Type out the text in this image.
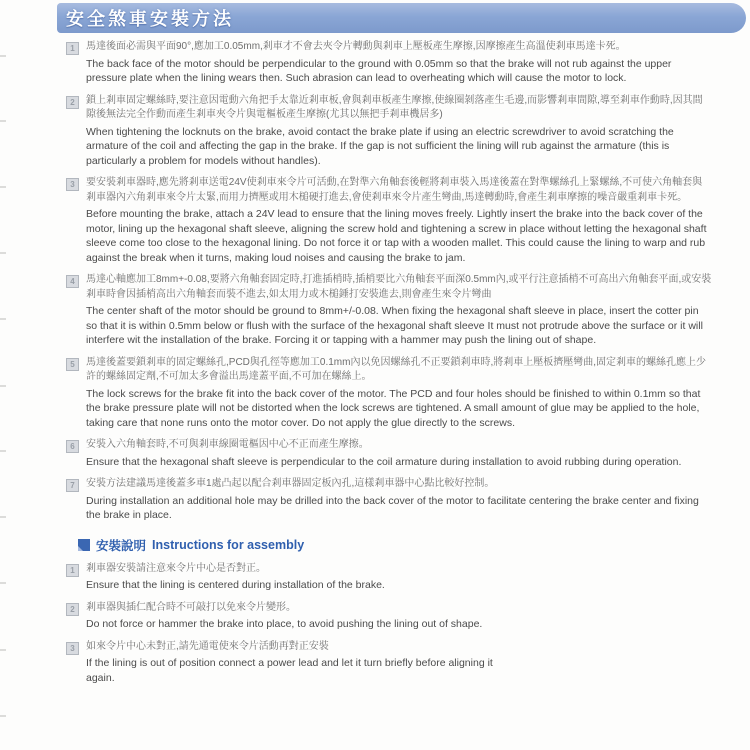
安全煞車安裝方法
1	馬達後面必需與平面90°,應加工0.05mm,剎車才不會去夾令片轉動與剎車上壓板產生摩擦,因摩擦產生高溫使剎車馬達卡死。

The back face of the motor should be perpendicular to the ground with 0.05mm so that the brake will not rub against the upper pressure plate when the lining wears then. Such abrasion can lead to overheating which will cause the motor to lock.

2	鎖上剎車固定螺絲時,要注意因電動六角把手太靠近剎車板,會與剎車板產生摩擦,使線圈剝落產生毛邊,而影響剎車間隙,導至剎車作動時,因其間隙後無法完全作動而產生剎車夾令片與電樞板產生摩擦(尤其以無把手剎車機居多)

When tightening the locknuts on the brake, avoid contact the brake plate if using an electric screwdriver to avoid scratching the armature of the coil and affecting the gap in the brake. If the gap is not sufficient the lining will rub against the armature (this is particularly a problem for models without handles).

3	要安裝剎車器時,應先將剎車送電24V使剎車來令片可活動,在對準六角軸套後輕將剎車裝入馬達後蓋在對準螺絲孔上緊螺絲,不可使六角軸套與剎車器內六角剎車來令片太緊,而用力擠壓或用木槌硬打進去,會使剎車來令片產生彎曲,馬達轉動時,會產生剎車摩擦的噪音嚴重剎車卡死。

Before mounting the brake, attach a 24V lead to ensure that the lining moves freely. Lightly insert the brake into the back cover of the motor, lining up the hexagonal shaft sleeve, aligning the screw hold and tightening a screw in place without letting the hexagonal shaft sleeve come too close to the hexagonal lining. Do not force it or tap with a wooden mallet. This could cause the lining to warp and rub against the break when it turns, making loud noises and causing the brake to jam.

4	馬達心軸應加工8mm+-0.08,要將六角軸套固定時,打進插梢時,插梢要比六角軸套平面深0.5mm內,或平行注意插梢不可高出六角軸套平面,或安裝剎車時會因插梢高出六角軸套而裝不進去,如太用力或木槌錘打安裝進去,則會產生來令片彎曲

The center shaft of the motor should be ground to 8mm+/-0.08. When fixing the hexagonal shaft sleeve in place, insert the cotter pin so that it is within 0.5mm below or flush with the surface of the hexagonal shaft sleeve It must not protrude above the surface or it will interfere wit the installation of the brake. Forcing it or tapping with a hammer may push the lining out of shape.

5	馬達後蓋要鎖剎車的固定螺絲孔,PCD與孔徑等應加工0.1mm內以免因螺絲孔不正要鎖剎車時,將剎車上壓板擠壓彎曲,固定剎車的螺絲孔應上少許的螺絲固定劑,不可加太多會溢出馬達蓋平面,不可加在螺絲上。

The lock screws for the brake fit into the back cover of the motor. The PCD and four holes should be finished to within 0.1mm so that the brake pressure plate will not be distorted when the lock screws are tightened. A small amount of glue may be applied to the hole, taking care that none runs onto the motor cover. Do not apply the glue directly to the screws.

6	安裝入六角軸套時,不可與剎車線圈電樞因中心不正而產生摩擦。

Ensure that the hexagonal shaft sleeve is perpendicular to the coil armature during installation to avoid rubbing during operation.

7	安裝方法建議馬達後蓋多車1處凸起以配合剎車器固定板內孔,這樣剎車器中心點比較好控制。

During installation an additional hole may be drilled into the back cover of the motor to facilitate centering the brake center and fixing the brake in place.

安裝說明 Instructions for assembly
1	剎車器安裝請注意來令片中心是否對正。

Ensure that the lining is centered during installation of the brake.

2	剎車器與插仁配合時不可敲打以免來令片變形。

Do not force or hammer the brake into place, to avoid pushing the lining out of shape.

3	如來令片中心未對正,請先通電使來令片活動再對正安裝

If the lining is out of position connect a power lead and let it turn briefly before aligning it again.
